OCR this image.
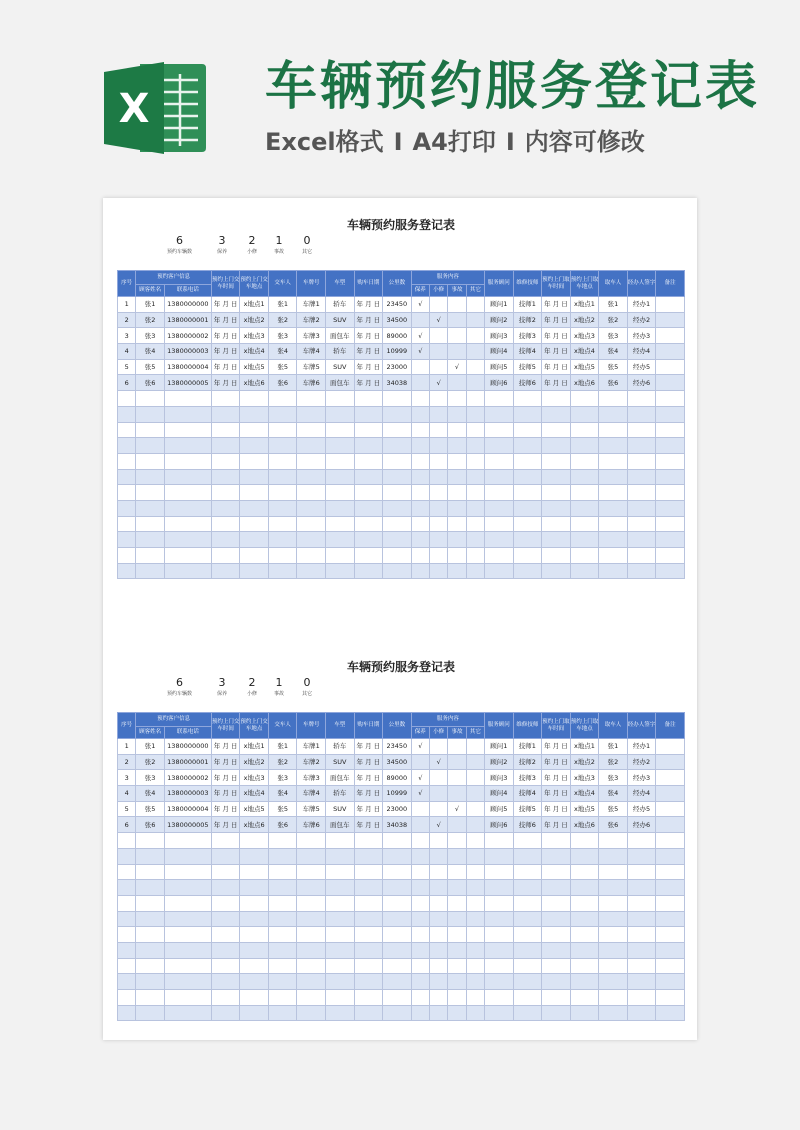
X 车辆预约服务登记表
Excel格式 I A4打印 I 内容可修改
车辆预约服务登记表
6
预约车辆数
3
保养
2
小修
1
事故
0
其它
序号	预约客户信息		预约上门交车时间	预约上门交车地点	交车人	车牌号	车型	购车日期	公里数	服务内容				服务顾问	维修技师	预约上门取车时间	预约上门取车地点	取车人	经办人签字	备注
	顾客姓名	联系电话								保养	小修	事故	其它							
1	张1	1380000000	年 月 日	x地点1	张1	车牌1	轿车	年 月 日	23450	√				顾问1	技师1	年 月 日	x地点1	张1	经办1	
2	张2	1380000001	年 月 日	x地点2	张2	车牌2	SUV	年 月 日	34500		√			顾问2	技师2	年 月 日	x地点2	张2	经办2	
3	张3	1380000002	年 月 日	x地点3	张3	车牌3	面包车	年 月 日	89000	√				顾问3	技师3	年 月 日	x地点3	张3	经办3	
4	张4	1380000003	年 月 日	x地点4	张4	车牌4	轿车	年 月 日	10999	√				顾问4	技师4	年 月 日	x地点4	张4	经办4	
5	张5	1380000004	年 月 日	x地点5	张5	车牌5	SUV	年 月 日	23000			√		顾问5	技师5	年 月 日	x地点5	张5	经办5	
6	张6	1380000005	年 月 日	x地点6	张6	车牌6	面包车	年 月 日	34038		√			顾问6	技师6	年 月 日	x地点6	张6	经办6	

车辆预约服务登记表
6
预约车辆数
3
保养
2
小修
1
事故
0
其它
序号	预约客户信息		预约上门交车时间	预约上门交车地点	交车人	车牌号	车型	购车日期	公里数	服务内容				服务顾问	维修技师	预约上门取车时间	预约上门取车地点	取车人	经办人签字	备注
	顾客姓名	联系电话								保养	小修	事故	其它							
1	张1	1380000000	年 月 日	x地点1	张1	车牌1	轿车	年 月 日	23450	√				顾问1	技师1	年 月 日	x地点1	张1	经办1	
2	张2	1380000001	年 月 日	x地点2	张2	车牌2	SUV	年 月 日	34500		√			顾问2	技师2	年 月 日	x地点2	张2	经办2	
3	张3	1380000002	年 月 日	x地点3	张3	车牌3	面包车	年 月 日	89000	√				顾问3	技师3	年 月 日	x地点3	张3	经办3	
4	张4	1380000003	年 月 日	x地点4	张4	车牌4	轿车	年 月 日	10999	√				顾问4	技师4	年 月 日	x地点4	张4	经办4	
5	张5	1380000004	年 月 日	x地点5	张5	车牌5	SUV	年 月 日	23000			√		顾问5	技师5	年 月 日	x地点5	张5	经办5	
6	张6	1380000005	年 月 日	x地点6	张6	车牌6	面包车	年 月 日	34038		√			顾问6	技师6	年 月 日	x地点6	张6	经办6	
